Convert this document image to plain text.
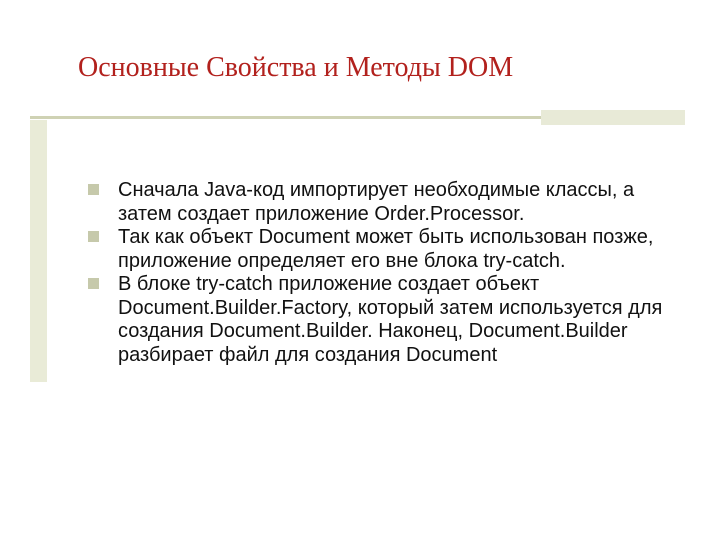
Основные Свойства и Методы DOM
Сначала Java-код импортирует необходимые классы, а затем создает приложение Order.Processor.
Так как объект Document может быть использован позже, приложение определяет его вне блока try-catch.
В блоке try-catch приложение создает объект Document.Builder.Factory, который затем используется для создания Document.Builder. Наконец, Document.Builder разбирает файл для создания Document
